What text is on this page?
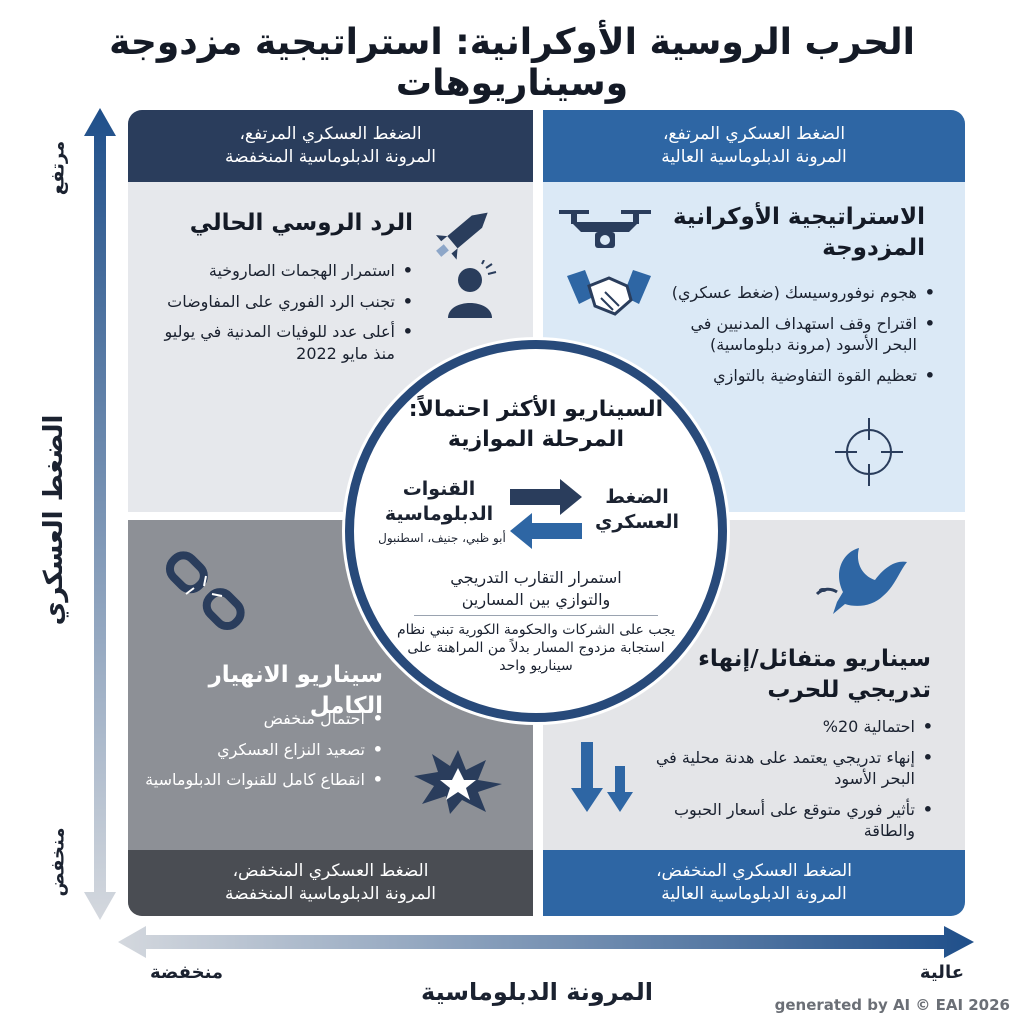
الحرب الروسية الأوكرانية: استراتيجية مزدوجة وسيناريوهات
الضغط العسكري
مرتفع
منخفض
المرونة الدبلوماسية
منخفضة	عالية
الضغط العسكري المرتفع،
المرونة الدبلوماسية المنخفضة
الرد الروسي الحالي
• استمرار الهجمات الصاروخية
• تجنب الرد الفوري على المفاوضات
• أعلى عدد للوفيات المدنية في يوليو منذ مايو 2022
الضغط العسكري المرتفع،
المرونة الدبلوماسية العالية
الاستراتيجية الأوكرانية
المزدوجة
• هجوم نوفوروسيسك (ضغط عسكري)
• اقتراح وقف استهداف المدنيين في البحر الأسود (مرونة دبلوماسية)
• تعظيم القوة التفاوضية بالتوازي
سيناريو الانهيار الكامل
• احتمال منخفض
• تصعيد النزاع العسكري
• انقطاع كامل للقنوات الدبلوماسية
الضغط العسكري المنخفض،
المرونة الدبلوماسية المنخفضة
سيناريو متفائل/إنهاء
تدريجي للحرب
• احتمالية 20%
• إنهاء تدريجي يعتمد على هدنة محلية في البحر الأسود
• تأثير فوري متوقع على أسعار الحبوب والطاقة
الضغط العسكري المنخفض،
المرونة الدبلوماسية العالية
السيناريو الأكثر احتمالاً:
المرحلة الموازية
القنوات
الدبلوماسية
أبو ظبي، جنيف، اسطنبول
الضغط
العسكري
استمرار التقارب التدريجي
والتوازي بين المسارين
يجب على الشركات والحكومة الكورية تبني نظام استجابة مزدوج المسار بدلاً من المراهنة على سيناريو واحد
generated by AI © EAI 2026
